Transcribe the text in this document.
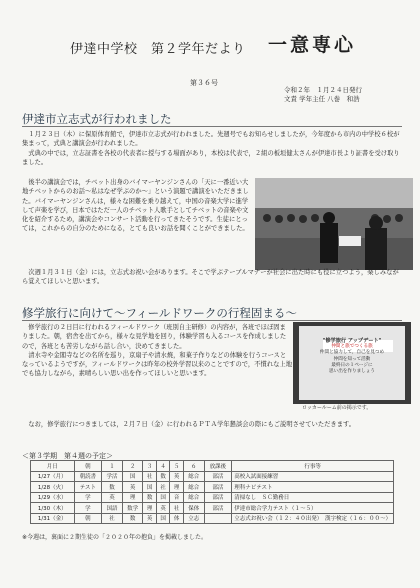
伊達中学校　第２学年だより 一意専心
第３６号
令和２年　１月２４日発行
文責 学年主任 八巻　和浩
伊達市立志式が行われました
１月２３日（木）に保原体育館で，伊達市立志式が行われました。先週号でもお知らせしましたが，今年度から市内の中学校６校が集まって，式典と講演会が行われました。
式典の中では，立志証書を各校の代表者に授与する場面があり，本校は代表で，２組の板垣健太さんが伊達市長より証書を受け取りました。
後半の講演会では，チベット出身のバイマーヤンジンさんの「天に一番近い大地チベットからのお話～私はなぜ学ぶのか～」という演題で講演をいただきました。バイマーヤンジンさんは，様々な困難を乗り越えて，中国の音楽大学に進学して声楽を学び，日本ではただ一人のチベット人歌手としてチベットの音楽や文化を紹介するため，講演会やコンサート活動を行ってきたそうです。生徒にとっては，これからの自分のためになる，とても良いお話を聞くことができました。
次週１月３１日（金）には，立志式お祝い会があります。そこで学ぶテーブルマナーが社会に出た時にも役に立つよう，楽しみながら覚えてほしいと思います。
修学旅行に向けて～フィールドワークの行程固まる～
修学旅行の２日目に行われるフィールドワーク（班別自主研修）の内容が，各班でほぼ固まりました。朝，宿舎を出てから，様々な見学地を回り，体験学習も入るコースを作成しましたので，各班とも苦労しながら話し合い，決めてきました。
清水寺や金閣寺などの名所を巡り，京扇子や清水焼，和菓子作りなどの体験を行うコースとなっているようですが，フィールドワークは昨年の校外学習以来のことですので，不慣れな上地でも協力しながら，素晴らしい思い出を作ってほしいと思います。
"修学旅行 アップデート"
仲間と旅でつくる旅
仲間と協力して，自己を見つめ
仲間を知って活動
最終日の１ページに
思い出を作りましょう
ロッカールーム前の掲示です。
なお，修学旅行につきましては，２月７日（金）に行われるＰＴＡ学年懇談会の際にもご説明させていただきます。
＜第３学期　第４週の予定＞
月日	朝	１	２	３	４	５	６	放課後	行事等
1/27（月）	朝読書	学活	国	社	数	英	総合	部活	高校入試面接練習
1/28（火）	テスト	数	英	国	社	理	総合	部活	理科ナビテスト
1/29（水）	学	英	理	数	国	音	総合	部活	清掃なし　ＳＣ勤務日
1/30（木）	学	国語	数学	理	英	社	保体	部活	伊達市総合学力テスト（１～５）
1/31（金）	朝	社	数	英	国	体	立志		立志式お祝い会（１２：４０出発）　漢字検定（１６：００～）
※今週は，裏面に２期生徒の「２０２０年の抱負」を掲載しました。
